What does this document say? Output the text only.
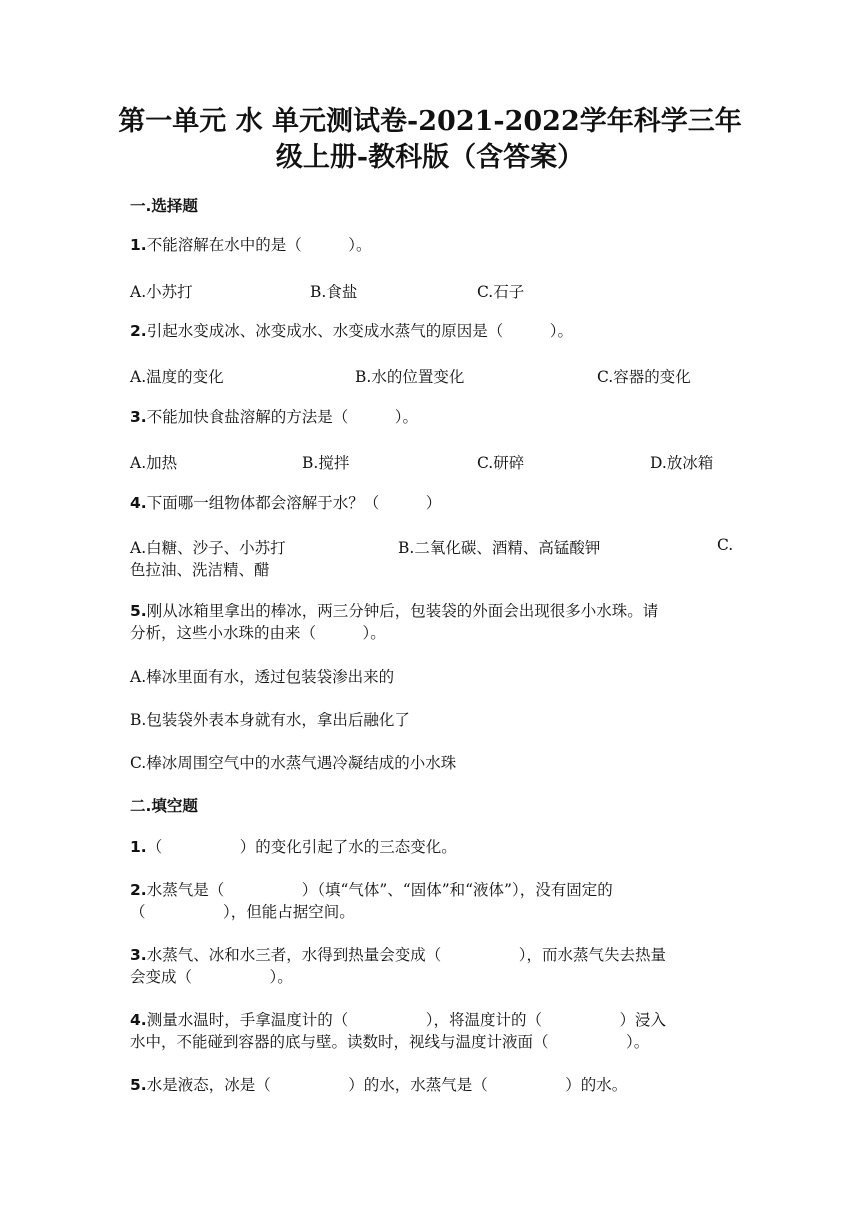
第一单元 水 单元测试卷-2021-2022学年科学三年
级上册-教科版（含答案）
一.选择题
1.不能溶解在水中的是（　　　）。
A.小苏打	B.食盐	C.石子
2.引起水变成冰、冰变成水、水变成水蒸气的原因是（　　　）。
A.温度的变化	B.水的位置变化	C.容器的变化
3.不能加快食盐溶解的方法是（　　　）。
A.加热	B.搅拌	C.研碎	D.放冰箱
4.下面哪一组物体都会溶解于水？（　　　）
A.白糖、沙子、小苏打	B.二氧化碳、酒精、高锰酸钾	C.
色拉油、洗洁精、醋
5.刚从冰箱里拿出的棒冰，两三分钟后，包装袋的外面会出现很多小水珠。请
分析，这些小水珠的由来（　　　）。
A.棒冰里面有水，透过包装袋渗出来的
B.包装袋外表本身就有水，拿出后融化了
C.棒冰周围空气中的水蒸气遇冷凝结成的小水珠
二.填空题
1.（　　　　　）的变化引起了水的三态变化。
2.水蒸气是（　　　　　）（填“气体”、“固体”和“液体”），没有固定的
（　　　　　），但能占据空间。
3.水蒸气、冰和水三者，水得到热量会变成（　　　　　），而水蒸气失去热量
会变成（　　　　　）。
4.测量水温时，手拿温度计的（　　　　　），将温度计的（　　　　　）浸入
水中，不能碰到容器的底与壁。读数时，视线与温度计液面（　　　　　）。
5.水是液态，冰是（　　　　　）的水，水蒸气是（　　　　　）的水。
